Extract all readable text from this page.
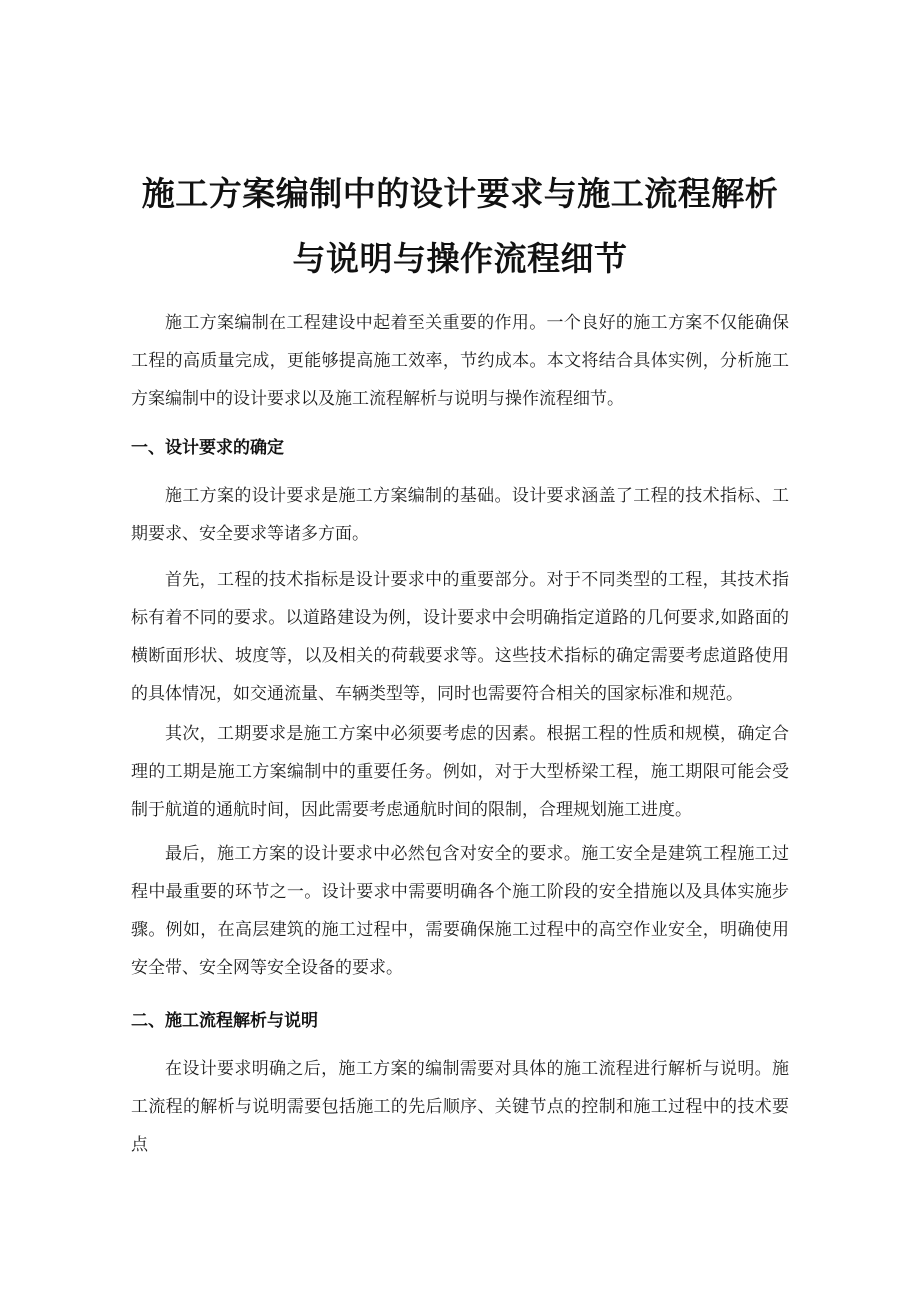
施工方案编制中的设计要求与施工流程解析
与说明与操作流程细节

施工方案编制在工程建设中起着至关重要的作用。一个良好的施工方案不仅能确保工程的高质量完成，更能够提高施工效率，节约成本。本文将结合具体实例，分析施工方案编制中的设计要求以及施工流程解析与说明与操作流程细节。

一、设计要求的确定

施工方案的设计要求是施工方案编制的基础。设计要求涵盖了工程的技术指标、工期要求、安全要求等诸多方面。

首先，工程的技术指标是设计要求中的重要部分。对于不同类型的工程，其技术指标有着不同的要求。以道路建设为例，设计要求中会明确指定道路的几何要求,如路面的横断面形状、坡度等，以及相关的荷载要求等。这些技术指标的确定需要考虑道路使用的具体情况，如交通流量、车辆类型等，同时也需要符合相关的国家标准和规范。

其次，工期要求是施工方案中必须要考虑的因素。根据工程的性质和规模，确定合理的工期是施工方案编制中的重要任务。例如，对于大型桥梁工程，施工期限可能会受制于航道的通航时间，因此需要考虑通航时间的限制，合理规划施工进度。

最后，施工方案的设计要求中必然包含对安全的要求。施工安全是建筑工程施工过程中最重要的环节之一。设计要求中需要明确各个施工阶段的安全措施以及具体实施步骤。例如，在高层建筑的施工过程中，需要确保施工过程中的高空作业安全，明确使用安全带、安全网等安全设备的要求。

二、施工流程解析与说明

在设计要求明确之后，施工方案的编制需要对具体的施工流程进行解析与说明。施工流程的解析与说明需要包括施工的先后顺序、关键节点的控制和施工过程中的技术要点
